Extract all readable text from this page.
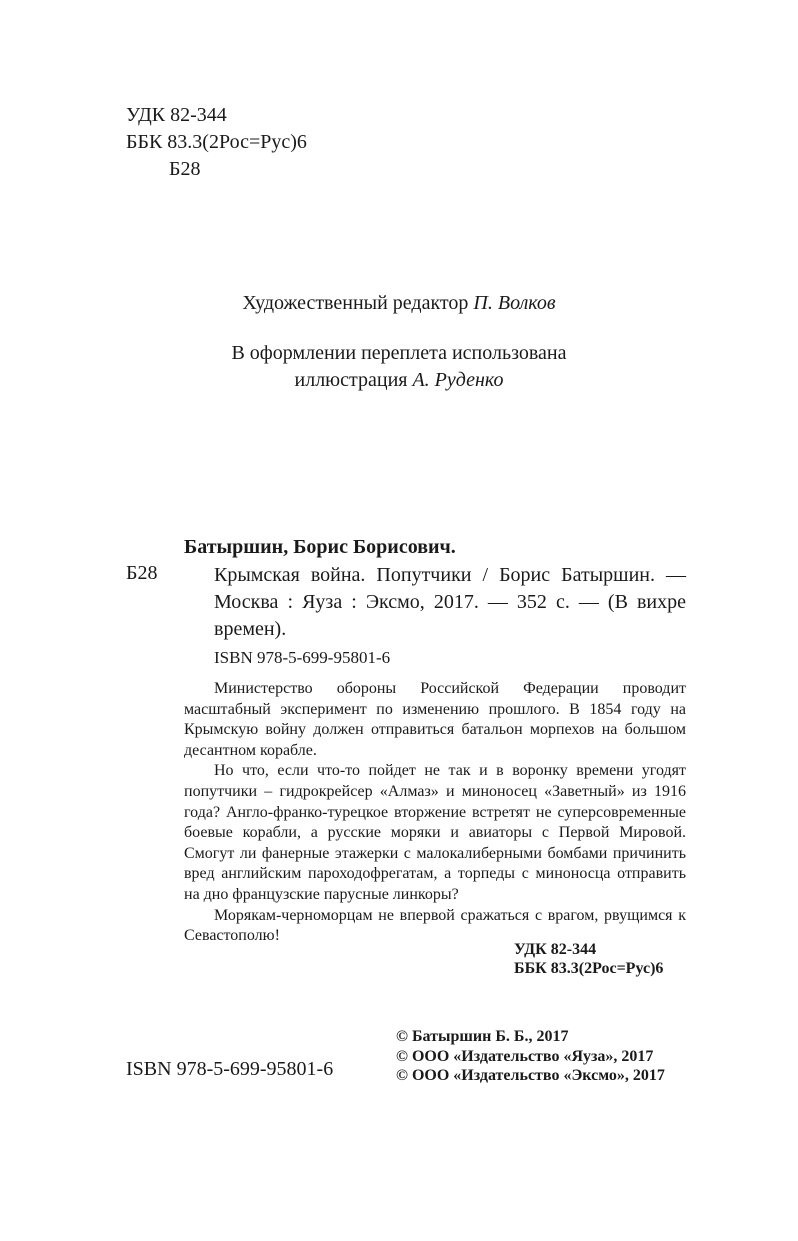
УДК 82-344
ББК 83.3(2Рос=Рус)6
Б28
Художественный редактор П. Волков
В оформлении переплета использована
иллюстрация А. Руденко
Батыршин, Борис Борисович.
Б28	Крымская война. Попутчики / Борис Батыршин. — Москва : Яуза : Эксмо, 2017. — 352 с. — (В вихре времен).
ISBN 978-5-699-95801-6

Министерство обороны Российской Федерации проводит масштабный эксперимент по изменению прошлого. В 1854 году на Крымскую войну должен отправиться батальон морпехов на большом десантном корабле.

Но что, если что-то пойдет не так и в воронку времени угодят попутчики – гидрокрейсер «Алмаз» и миноносец «Заветный» из 1916 года? Англо-франко-турецкое вторжение встретят не суперсовременные боевые корабли, а русские моряки и авиаторы с Первой Мировой. Смогут ли фанерные этажерки с малокалиберными бомбами причинить вред английским пароходофрегатам, а торпеды с миноносца отправить на дно французские парусные линкоры?

Морякам-черноморцам не впервой сражаться с врагом, рвущимся к Севастополю!

УДК 82-344
ББК 83.3(2Рос=Рус)6
ISBN 978-5-699-95801-6
© Батыршин Б. Б., 2017
© ООО «Издательство «Яуза», 2017
© ООО «Издательство «Эксмо», 2017
